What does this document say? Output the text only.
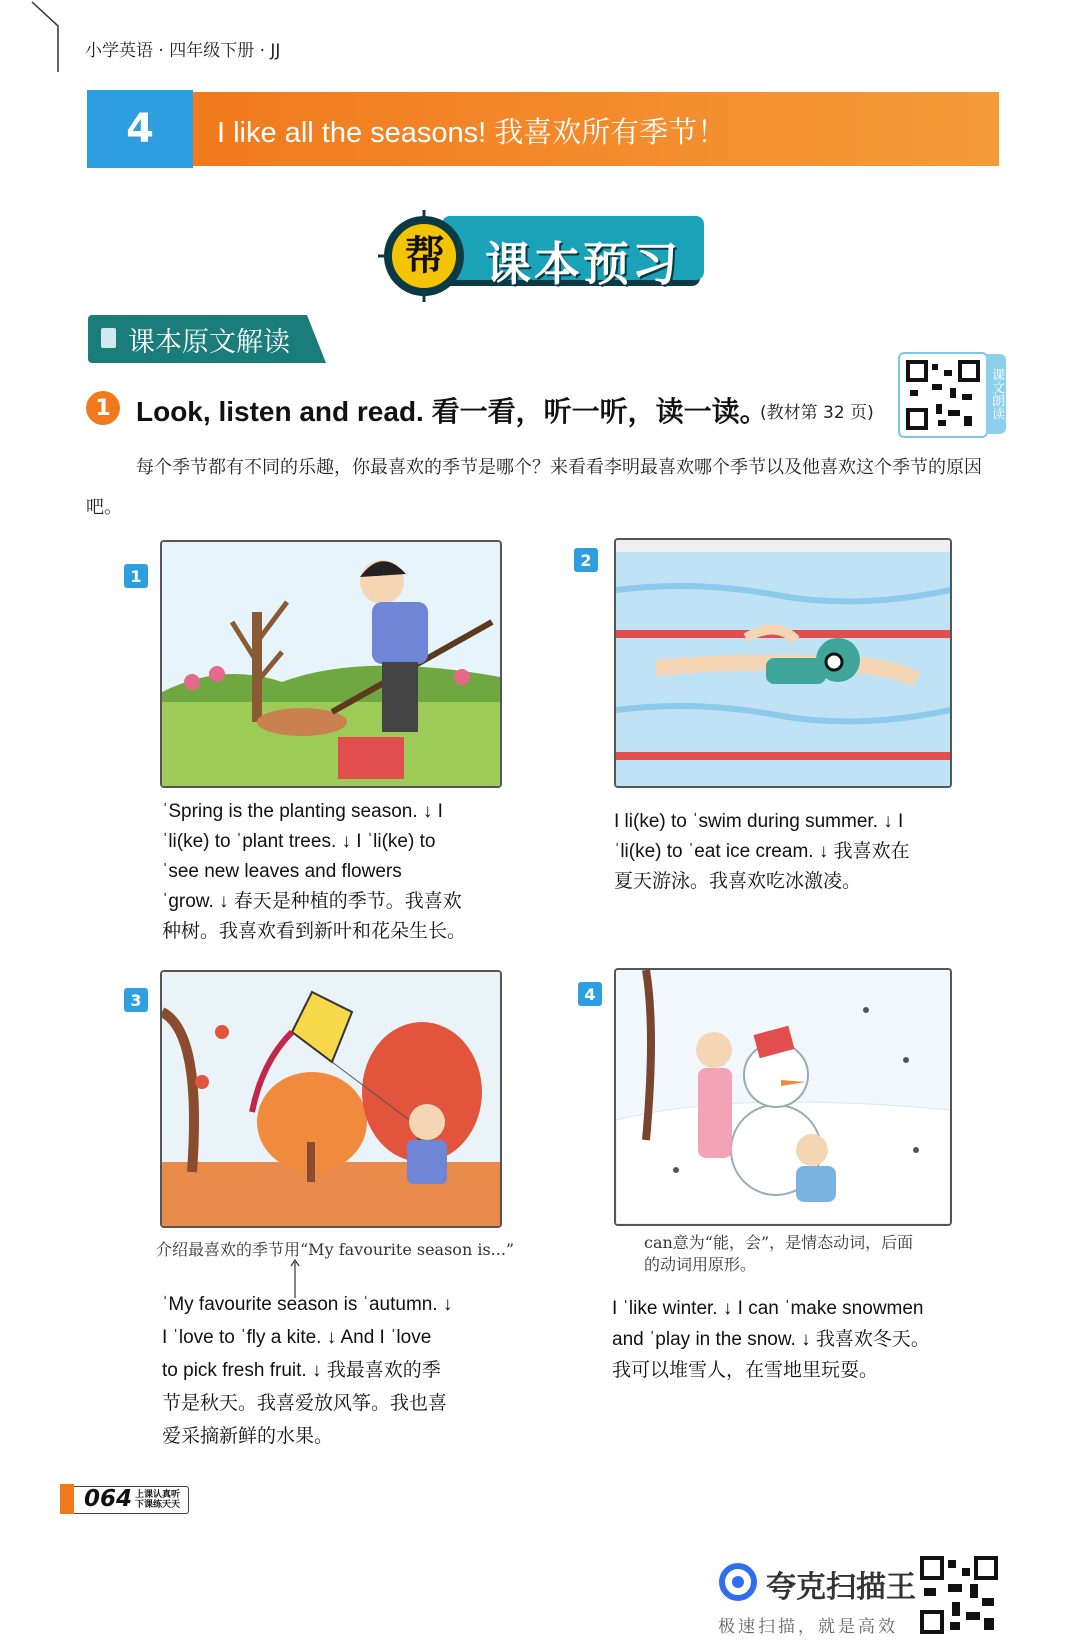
小学英语 · 四年级下册 · JJ
4	I like all the seasons! 我喜欢所有季节！
帮 课本预习
课本原文解读
课文朗读
1 Look, listen and read. 看一看，听一听，读一读。
(教材第 32 页)
每个季节都有不同的乐趣，你最喜欢的季节是哪个？来看看李明最喜欢哪个季节以及他喜欢这个季节的原因吧。
1
ˈSpring is the planting season. ↓ I
ˈli(ke) to ˈplant trees. ↓ I ˈli(ke) to
ˈsee new leaves and flowers
ˈgrow. ↓ 春天是种植的季节。我喜欢
种树。我喜欢看到新叶和花朵生长。
2
I li(ke) to ˈswim during summer. ↓ I
ˈli(ke) to ˈeat ice cream. ↓ 我喜欢在
夏天游泳。我喜欢吃冰激凌。
3
介绍最喜欢的季节用“My favourite season is...”
ˈMy favourite season is ˈautumn. ↓
I ˈlove to ˈfly a kite. ↓ And I ˈlove
to pick fresh fruit. ↓ 我最喜欢的季
节是秋天。我喜爱放风筝。我也喜
爱采摘新鲜的水果。
4
can意为“能，会”，是情态动词，后面的动词用原形。
I ˈlike winter. ↓ I can ˈmake snowmen
and ˈplay in the snow. ↓ 我喜欢冬天。
我可以堆雪人，在雪地里玩耍。
064 上课认真听
下课练天天
夸克扫描王
极速扫描，就是高效
